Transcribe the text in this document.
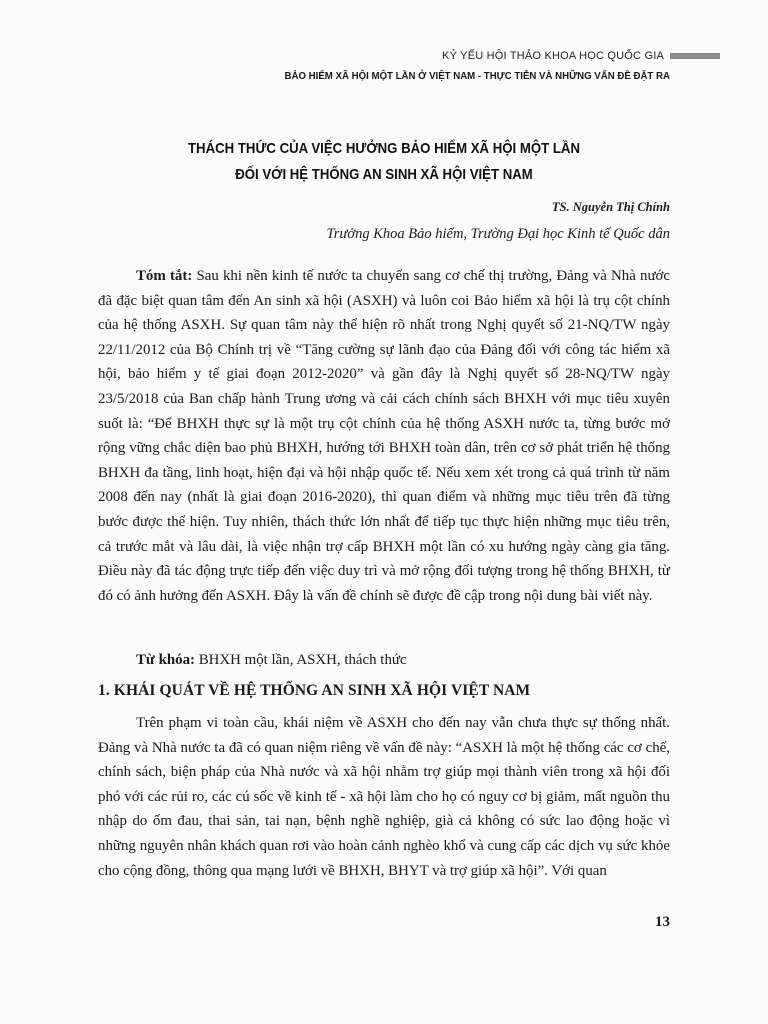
KỶ YẾU HỘI THẢO KHOA HỌC QUỐC GIA
BẢO HIỂM XÃ HỘI MỘT LẦN Ở VIỆT NAM - THỰC TIỄN VÀ NHỮNG VẤN ĐỀ ĐẶT RA
THÁCH THỨC CỦA VIỆC HƯỞNG BẢO HIỂM XÃ HỘI MỘT LẦN
ĐỐI VỚI HỆ THỐNG AN SINH XÃ HỘI VIỆT NAM
TS. Nguyễn Thị Chính
Trưởng Khoa Bảo hiểm, Trường Đại học Kinh tế Quốc dân

Tóm tắt: Sau khi nền kinh tế nước ta chuyển sang cơ chế thị trường, Đảng và Nhà nước đã đặc biệt quan tâm đến An sinh xã hội (ASXH) và luôn coi Bảo hiểm xã hội là trụ cột chính của hệ thống ASXH. Sự quan tâm này thể hiện rõ nhất trong Nghị quyết số 21-NQ/TW ngày 22/11/2012 của Bộ Chính trị về “Tăng cường sự lãnh đạo của Đảng đối với công tác hiểm xã hội, bảo hiểm y tế giai đoạn 2012-2020” và gần đây là Nghị quyết số 28-NQ/TW ngày 23/5/2018 của Ban chấp hành Trung ương và cải cách chính sách BHXH với mục tiêu xuyên suốt là: “Để BHXH thực sự là một trụ cột chính của hệ thống ASXH nước ta, từng bước mở rộng vững chắc diện bao phủ BHXH, hướng tới BHXH toàn dân, trên cơ sở phát triển hệ thống BHXH đa tầng, linh hoạt, hiện đại và hội nhập quốc tế. Nếu xem xét trong cả quá trình từ năm 2008 đến nay (nhất là giai đoạn 2016-2020), thì quan điểm và những mục tiêu trên đã từng bước được thể hiện. Tuy nhiên, thách thức lớn nhất để tiếp tục thực hiện những mục tiêu trên, cả trước mắt và lâu dài, là việc nhận trợ cấp BHXH một lần có xu hướng ngày càng gia tăng. Điều này đã tác động trực tiếp đến việc duy trì và mở rộng đối tượng trong hệ thống BHXH, từ đó có ảnh hưởng đến ASXH. Đây là vấn đề chính sẽ được đề cập trong nội dung bài viết này.

Từ khóa: BHXH một lần, ASXH, thách thức

1. KHÁI QUÁT VỀ HỆ THỐNG AN SINH XÃ HỘI VIỆT NAM

Trên phạm vi toàn cầu, khái niệm về ASXH cho đến nay vẫn chưa thực sự thống nhất. Đảng và Nhà nước ta đã có quan niệm riêng về vấn đề này: “ASXH là một hệ thống các cơ chế, chính sách, biện pháp của Nhà nước và xã hội nhằm trợ giúp mọi thành viên trong xã hội đối phó với các rủi ro, các cú sốc về kinh tế - xã hội làm cho họ có nguy cơ bị giảm, mất nguồn thu nhập do ốm đau, thai sản, tai nạn, bệnh nghề nghiệp, già cả không có sức lao động hoặc vì những nguyên nhân khách quan rơi vào hoàn cảnh nghèo khổ và cung cấp các dịch vụ sức khỏe cho cộng đồng, thông qua mạng lưới về BHXH, BHYT và trợ giúp xã hội”. Với quan

13
